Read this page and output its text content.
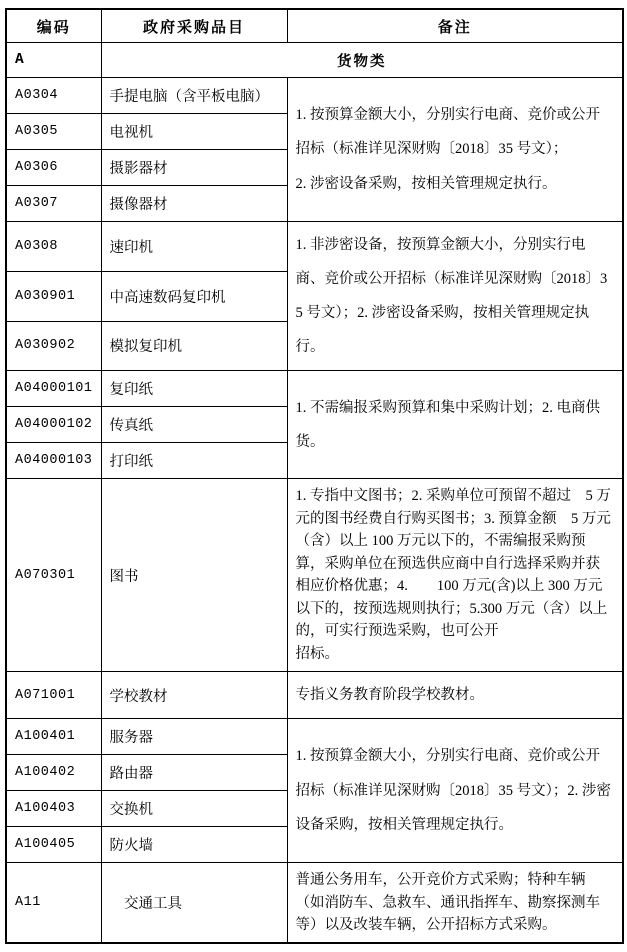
编码	政府采购品目	备注
A	货物类	
A0304	手提电脑（含平板电脑）	1. 按预算金额大小，分别实行电商、竞价或公开招标（标准详见深财购〔2018〕35 号文）；
2. 涉密设备采购，按相关管理规定执行。

A0305	电视机	
A0306	摄影器材	
A0307	摄像器材	
A0308	速印机	1. 非涉密设备，按预算金额大小，分别实行电商、竞价或公开招标（标准详见深财购〔2018〕35 号文）；2. 涉密设备采购，按相关管理规定执行。

A030901	中高速数码复印机	
A030902	模拟复印机	
A04000101	复印纸	1. 不需编报采购预算和集中采购计划；2. 电商供货。

A04000102	传真纸	
A04000103	打印纸	
A070301	图书	1. 专指中文图书；2. 采购单位可预留不超过　5 万元的图书经费自行购买图书；3. 预算金额　5 万元（含）以上 100 万元以下的，不需编报采购预算，采购单位在预选供应商中自行选择采购并获相应价格优惠；4.　　100 万元(含)以上 300 万元以下的，按预选规则执行；5.300 万元（含）以上的，可实行预选采购，也可公开
招标。

A071001	学校教材	专指义务教育阶段学校教材。

A100401	服务器	1. 按预算金额大小，分别实行电商、竞价或公开招标（标准详见深财购〔2018〕35 号文）；2. 涉密设备采购，按相关管理规定执行。

A100402	路由器	
A100403	交换机	
A100405	防火墙	
A11	　交通工具	普通公务用车，公开竞价方式采购；特种车辆（如消防车、急救车、通讯指挥车、勘察探测车等）以及改装车辆，公开招标方式采购。
